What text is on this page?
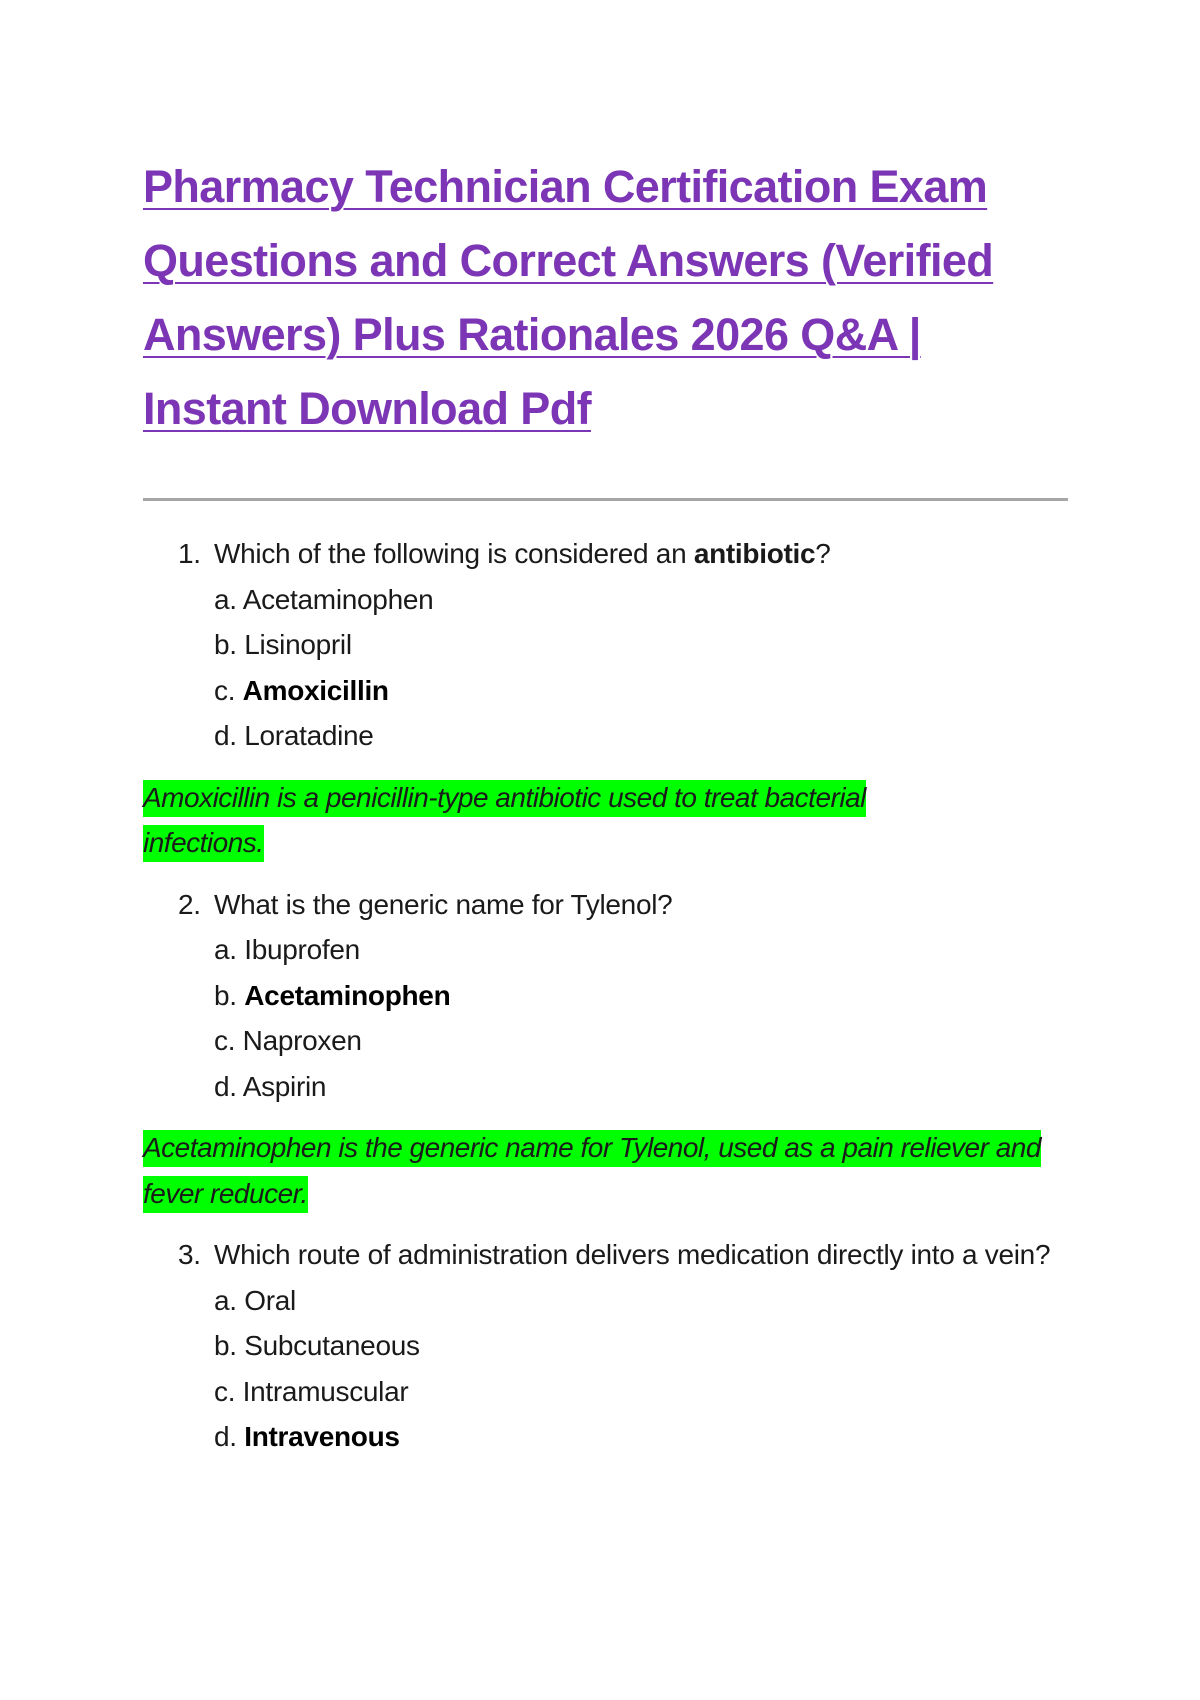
Pharmacy Technician Certification Exam Questions and Correct Answers (Verified Answers) Plus Rationales 2026 Q&A | Instant Download Pdf
1. Which of the following is considered an antibiotic?
a. Acetaminophen
b. Lisinopril
c. Amoxicillin
d. Loratadine
Amoxicillin is a penicillin-type antibiotic used to treat bacterial infections.
2. What is the generic name for Tylenol?
a. Ibuprofen
b. Acetaminophen
c. Naproxen
d. Aspirin
Acetaminophen is the generic name for Tylenol, used as a pain reliever and fever reducer.
3. Which route of administration delivers medication directly into a vein?
a. Oral
b. Subcutaneous
c. Intramuscular
d. Intravenous
